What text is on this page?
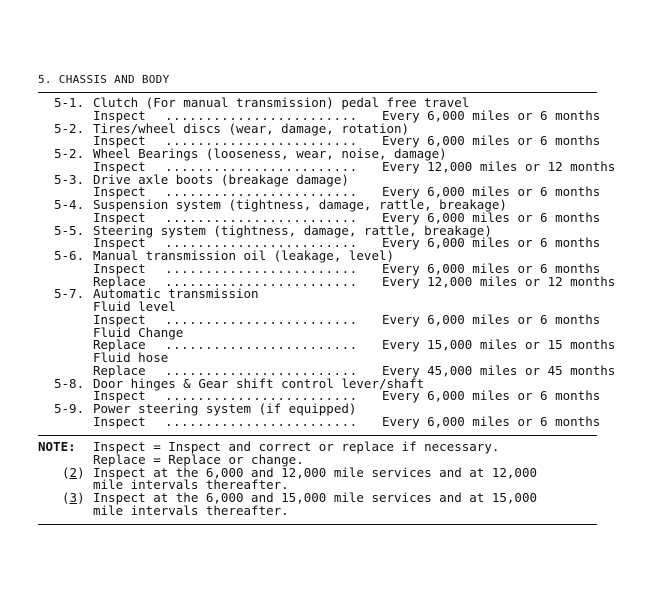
5. CHASSIS AND BODY
5-1. Clutch (For manual transmission) pedal free travel
Inspect ........................ Every 6,000 miles or 6 months
5-2. Tires/wheel discs (wear, damage, rotation)
Inspect ........................ Every 6,000 miles or 6 months
5-2. Wheel Bearings (looseness, wear, noise, damage)
Inspect ........................ Every 12,000 miles or 12 months
5-3. Drive axle boots (breakage damage)
Inspect ........................ Every 6,000 miles or 6 months
5-4. Suspension system (tightness, damage, rattle, breakage)
Inspect ........................ Every 6,000 miles or 6 months
5-5. Steering system (tightness, damage, rattle, breakage)
Inspect ........................ Every 6,000 miles or 6 months
5-6. Manual transmission oil (leakage, level)
Inspect ........................ Every 6,000 miles or 6 months
Replace ........................ Every 12,000 miles or 12 months
5-7. Automatic transmission
Fluid level
Inspect ........................ Every 6,000 miles or 6 months
Fluid Change
Replace ........................ Every 15,000 miles or 15 months
Fluid hose
Replace ........................ Every 45,000 miles or 45 months
5-8. Door hinges & Gear shift control lever/shaft
Inspect ........................ Every 6,000 miles or 6 months
5-9. Power steering system (if equipped)
Inspect ........................ Every 6,000 miles or 6 months
NOTE: Inspect = Inspect and correct or replace if necessary.
Replace = Replace or change.
(2) Inspect at the 6,000 and 12,000 mile services and at 12,000
mile intervals thereafter.
(3) Inspect at the 6,000 and 15,000 mile services and at 15,000
mile intervals thereafter.
